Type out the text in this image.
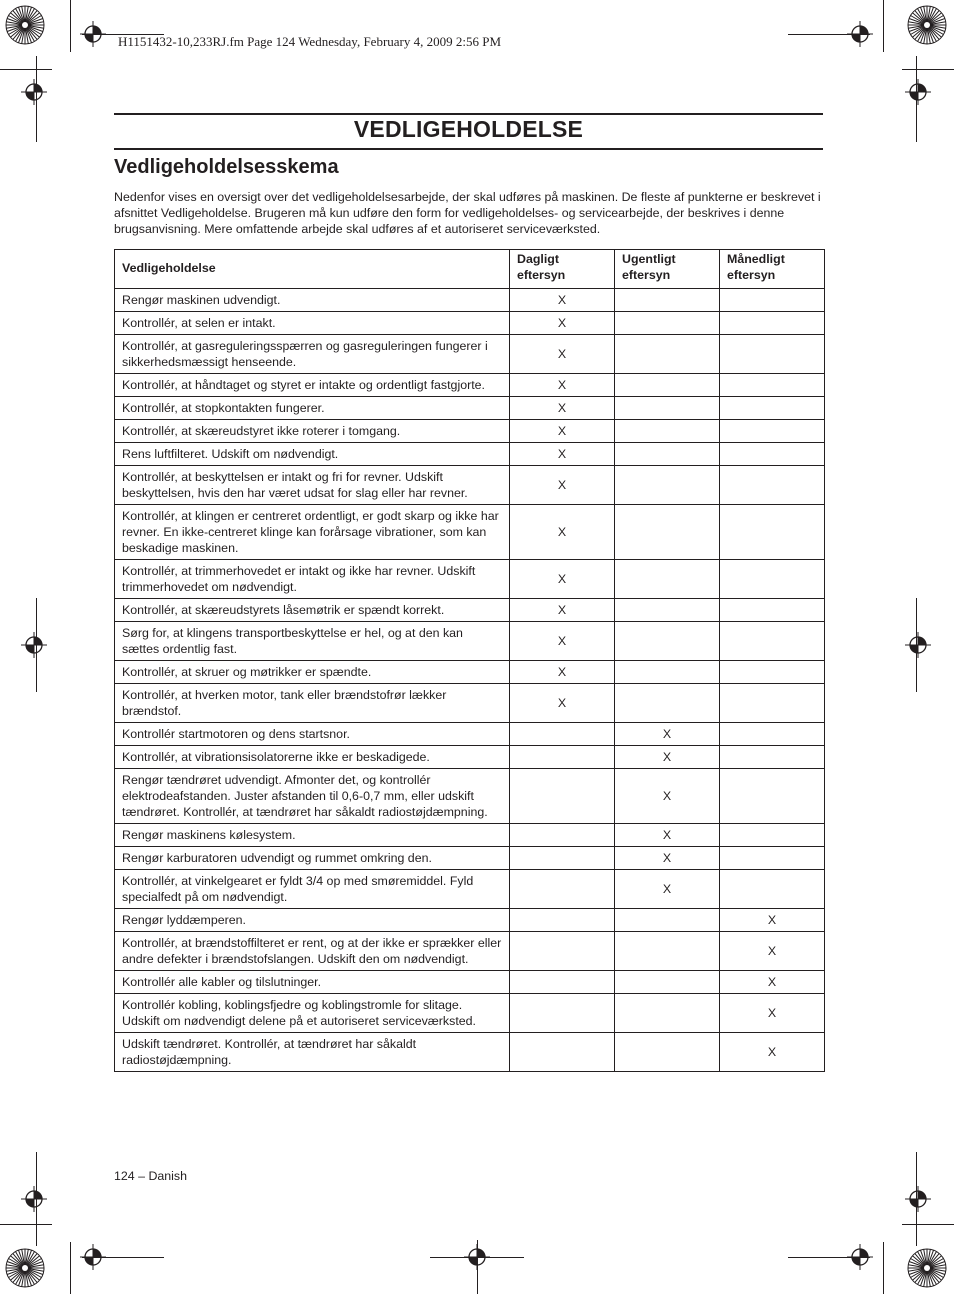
H1151432-10,233RJ.fm Page 124 Wednesday, February 4, 2009 2:56 PM
VEDLIGEHOLDELSE
Vedligeholdelsesskema
Nedenfor vises en oversigt over det vedligeholdelsesarbejde, der skal udføres på maskinen. De fleste af punkterne er beskrevet i afsnittet Vedligeholdelse. Brugeren må kun udføre den form for vedligeholdelses- og servicearbejde, der beskrives i denne brugsanvisning. Mere omfattende arbejde skal udføres af et autoriseret serviceværksted.
Vedligeholdelse	Dagligt eftersyn	Ugentligt eftersyn	Månedligt eftersyn
Rengør maskinen udvendigt.	X		
Kontrollér, at selen er intakt.	X		
Kontrollér, at gasreguleringsspærren og gasreguleringen fungerer i sikkerhedsmæssigt henseende.	X		
Kontrollér, at håndtaget og styret er intakte og ordentligt fastgjorte.	X		
Kontrollér, at stopkontakten fungerer.	X		
Kontrollér, at skæreudstyret ikke roterer i tomgang.	X		
Rens luftfilteret. Udskift om nødvendigt.	X		
Kontrollér, at beskyttelsen er intakt og fri for revner. Udskift beskyttelsen, hvis den har været udsat for slag eller har revner.	X		
Kontrollér, at klingen er centreret ordentligt, er godt skarp og ikke har revner. En ikke-centreret klinge kan forårsage vibrationer, som kan beskadige maskinen.	X		
Kontrollér, at trimmerhovedet er intakt og ikke har revner. Udskift trimmerhovedet om nødvendigt.	X		
Kontrollér, at skæreudstyrets låsemøtrik er spændt korrekt.	X		
Sørg for, at klingens transportbeskyttelse er hel, og at den kan sættes ordentlig fast.	X		
Kontrollér, at skruer og møtrikker er spændte.	X		
Kontrollér, at hverken motor, tank eller brændstofrør lækker brændstof.	X		
Kontrollér startmotoren og dens startsnor.		X	
Kontrollér, at vibrationsisolatorerne ikke er beskadigede.		X	
Rengør tændrøret udvendigt. Afmonter det, og kontrollér elektrodeafstanden. Juster afstanden til 0,6-0,7 mm, eller udskift tændrøret. Kontrollér, at tændrøret har såkaldt radiostøjdæmpning.		X	
Rengør maskinens kølesystem.		X	
Rengør karburatoren udvendigt og rummet omkring den.		X	
Kontrollér, at vinkelgearet er fyldt 3/4 op med smøremiddel. Fyld specialfedt på om nødvendigt.		X	
Rengør lyddæmperen.			X
Kontrollér, at brændstoffilteret er rent, og at der ikke er sprækker eller andre defekter i brændstofslangen. Udskift den om nødvendigt.			X
Kontrollér alle kabler og tilslutninger.			X
Kontrollér kobling, koblingsfjedre og koblingstromle for slitage. Udskift om nødvendigt delene på et autoriseret serviceværksted.			X
Udskift tændrøret. Kontrollér, at tændrøret har såkaldt radiostøjdæmpning.			X
124 – Danish
